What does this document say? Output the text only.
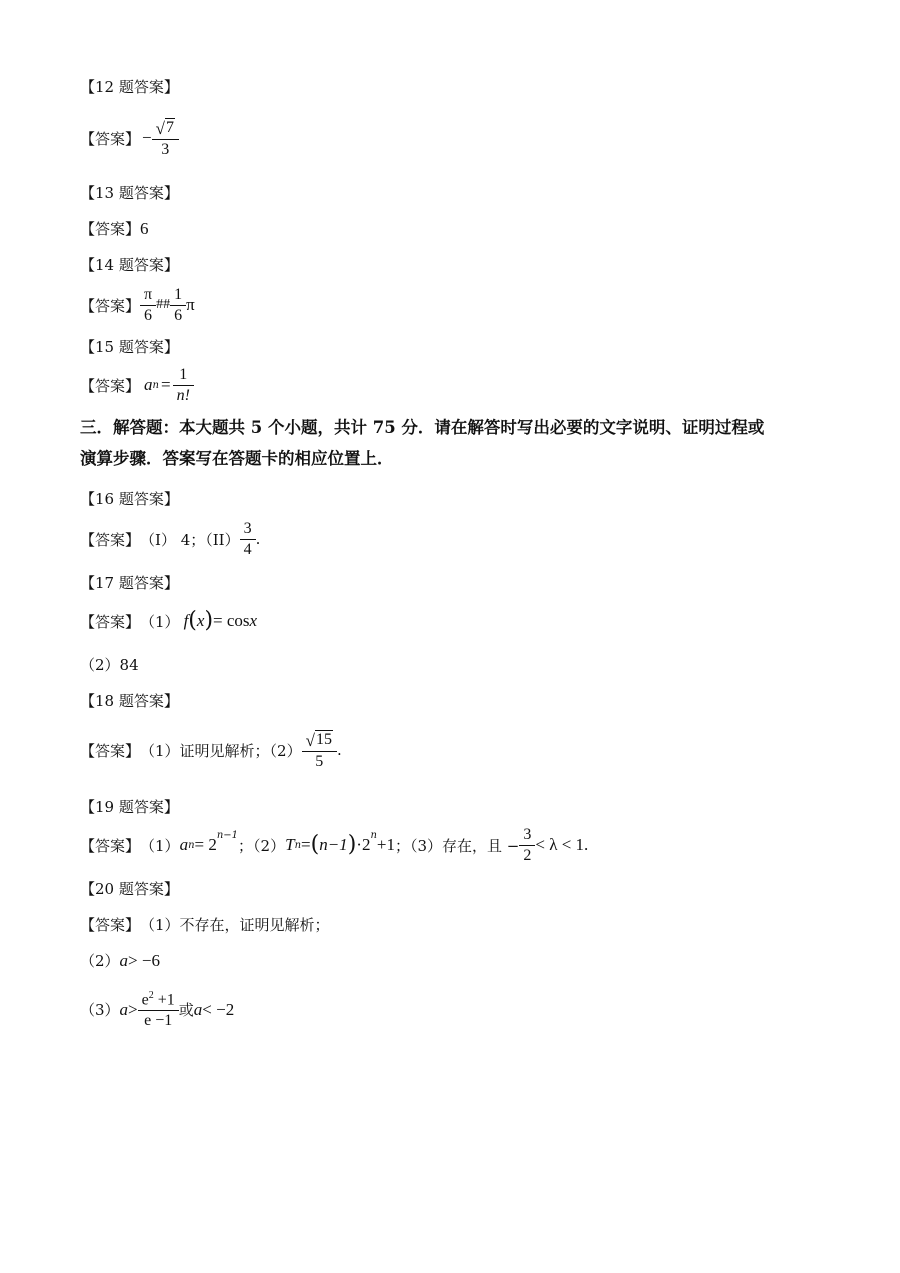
【12 题答案】
【答案】 − $\frac{√ 7}{3}$
【13 题答案】
【答案】 6
【14 题答案】
【答案】 $\frac{\pi}{6}$ ## $\frac{1}{6}$ π
【15 题答案】
【答案】 a $n = \frac{1}{n!}$
三．解答题：本大题共 5 个小题，共计 75 分．请在解答时写出必要的文字说明、证明过程或
演算步骤．答案写在答题卡的相应位置上．
【16 题答案】
【答案】 （I） 4；$(II) \frac{3}{4}$ .
【17 题答案】
【答案】 （1） f ( x ) = cos x
（2）84
【18 题答案】
【答案】 （1）证明见解析；$(2) \frac{√ 15}{5}$ .
【19 题答案】
【答案】 （1） a $n = 2^{n-1}$
；（2） T n = ( n−1 ) $\cdot 2^n +1$ ；（3）存在，且 − $\frac{3}{2} < \lambda < 1$.
【20 题答案】
【答案】 （1）不存在，证明见解析；
（2） a > −6
（3） $a > \frac{e^2 +1}{e -1}$ 或 a < −2
